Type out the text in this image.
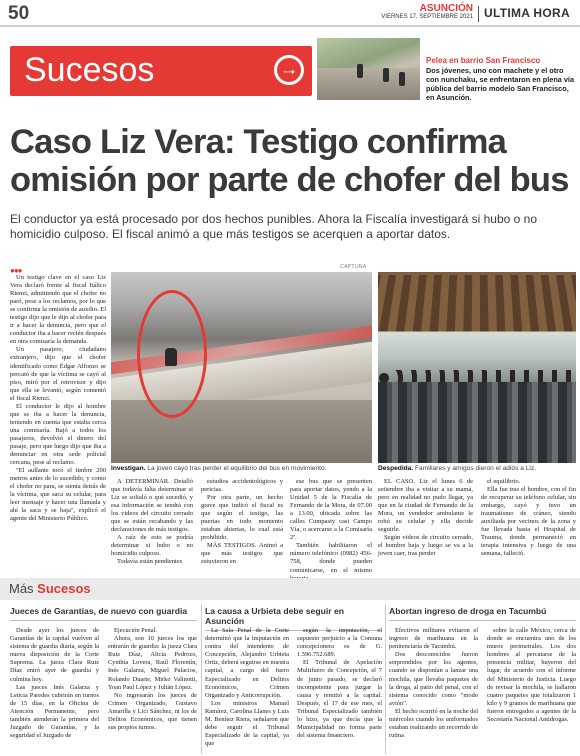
50	ASUNCIÓN
VIERNES 17, SEPTIEMBRE 2021 ULTIMA HORA
Sucesos	→	Pelea en barrio San Francisco
Dos jóvenes, uno con machete y el otro con nunchaku, se enfrentaron en plena vía pública del barrio modelo San Francisco, en Asunción.
Caso Liz Vera: Testigo confirma
omisión por parte de chofer del bus
El conductor ya está procesado por dos hechos punibles. Ahora la Fiscalía investigará si hubo o no homicidio culposo. El fiscal animó a que más testigos se acerquen a aportar datos.
●●●

Un testigo clave en el caso Liz Vera declaró frente al fiscal Itálico Rienzi, admitiendo que el chofer no paró, pese a los reclamos, por lo que se confirma la omisión de auxilio. El testigo dijo que le dijo al chofer para ir a hacer la denuncia, pero que el conductor iba a hacer recién después en otra comisaría la demanda.

Un pasajero, ciudadano extranjero, dijo que el chofer identificado como Édgar Alfonzo se percató de que la víctima se cayó al piso, miró por el retrovisor y dijo que ella se levantó, según comentó el fiscal Rienzi.

El conductor le dijo al hombre que se iba a hacer la denuncia, teniendo en cuenta que estaba cerca una comisaría. Bajó a todos los pasajeros, devolvió el dinero del pasaje, pero que luego dijo que iba a denunciar en otra sede policial cercana, pese al reclamo.

"El aullante tocó el timbre 200 metros antes de lo sucedido, y como el chofer no para, se sienta detrás de la víctima, que saca su celular, para leer mensaje y hacer una llamada y ahí la saca y se baja", explicó el agente del Ministerio Público.

CAPTURA
Investigan. La joven cayó tras perder el equilibrio del bus en movimiento.	Despedida. Familiares y amigos dieron el adiós a Liz.

A DETERMINAR. Detalló que todavía falta determinar si Liz se soltaló o qué sucedió, y esa información se tendrá con los videos del circuito cerrado que se están recabando y las declaraciones de más testigos.

A raíz de esto se podría determinar si hubo o no homicidio culposo.

Todavía están pendientes

estudios accidentológicos y pericias.

Por otra parte, un hecho grave que indicó el fiscal es que según el testigo, las puertas en todo momento estaban abiertas, lo cual está prohibido.

MÁS TESTIGOS. Animó a que más testigos que estuvieron en

ese bus que se presenten para aportar datos, yendo a la Unidad 5 de la Fiscalía de Fernando de la Mora, de 07.00 a 13.00, ubicada sobre las calles Cumpasty casi Campo Vía, o acercarse a la Comisaría 2ª.

También habilitaron el número telefónico (0982) 456-758, donde pueden comunicarse, en el mismo

EL CASO. Liz el lunes 6 de setiembre iba a visitar a su mamá, pero en realidad no pudo llegar, ya que en la ciudad de Fernando de la Mora, un vendedor ambulante le robó su celular y ella decide seguirle.

Según videos de circuito cerrado, el hombre baja y luego se va a la joven caer, tras perder

el equilibrio.

Ella fue tras el hombre, con el fin de recuperar su teléfono celular, sin embargo, cayó y tuvo un traumatismo de cráneo, siendo auxiliada por vecinos de la zona y fue llevada hasta el Hospital de Trauma, donde permaneció en terapia intensiva y luego de una semana, falleció.

Más Sucesos
Jueces de Garantías, de nuevo con guardia	La causa a Urbieta debe seguir en Asunción
Abortan ingreso de droga en Tacumbú

Desde ayer los jueces de Garantías de la capital vuelven al sistema de guardia diaria, según la nueva disposición de la Corte Suprema. La jueza Clara Ruiz Díaz entró ayer de guardia y culmina hoy.

Las jueces Inés Galarza y Leticia Paredes cubrirán en turnos de 15 días, en la Oficina de Atención Permanente, pero también atenderán la primera del Juzgado de Garantías, y la seguridad el Juzgado de

Ejecución Penal.

Ahora, son 10 jueces los que entrarán de guardia: la jueza Clara Ruiz Díaz, Alicia Pedrozo, Cynthia Lovera, Raúl Florentín, Inés Galarza, Miguel Palacios, Rolando Duarte, Mirko Valinotti, Yoan Paul López y Julián López.

No ingresarán los jueces de Crimen Organizado, Gustavo Amarilla y Lici Sánchez, ni los de Delitos Económicos, que tienen sus propios turnos.

La Sala Penal de la Corte determinó que la imputación en contra del intendente de Concepción, Alejandro Urbieta Ortiz, deberá seguirse en nuestra capital, a cargo del fuero Especializado en Delitos Económicos, Crimen Organizado y Anticorrupción.

Los ministros Manuel Ramírez, Carolina Llanes y Luis M. Benítez Riera, señalaron que debe seguir el Tribunal Especializado de la capital, ya que

según la imputación, el supuesto perjuicio a la Comuna concepcionera es de G. 1.596.752.689.

El Tribunal de Apelación Multifuero de Concepción, el 7 de junio pasado, se declaró incompetente para juzgar la causa y remitió a la capital. Después, el 17 de ese mes, el Tribunal Especializado también lo hizo, ya que decía que la Municipalidad no forma parte del sistema financiero.

Efectivos militares evitaron el ingreso de marihuana en la penitenciaría de Tacumbú.

Dos desconocidos fueron sorprendidos por los agentes, cuando se disponían a lanzar una mochila, que llevaba paquetes de la droga, al patio del penal, con el sistema conocido como "modo avión".

El hecho ocurrió en la noche del miércoles cuando los uniformados estaban realizando un recorrido de rutina

sobre la calle México, cerca de donde se encuentra uno de los muros perimetrales. Los dos hombres al percatarse de la presencia militar, huyeron del lugar, de acuerdo con el informe del Ministerio de Justicia. Luego de revisar la mochila, se hallaron cuatro paquetes que totalizaron 1 kilo y 9 gramos de marihuana que fueron entregados a agentes de la Secretaría Nacional Antidrogas.
